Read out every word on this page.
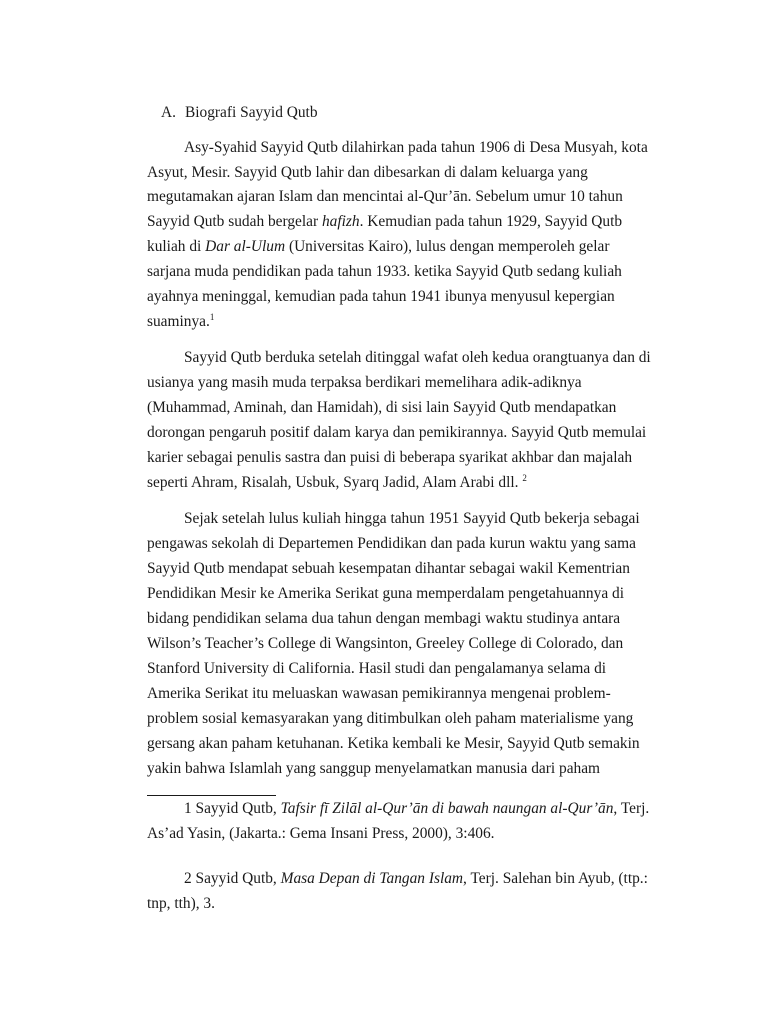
A. Biografi Sayyid Qutb
Asy-Syahid Sayyid Qutb dilahirkan pada tahun 1906 di Desa Musyah, kota
Asyut, Mesir. Sayyid Qutb lahir dan dibesarkan di dalam keluarga yang
megutamakan ajaran Islam dan mencintai al-Qur’ān. Sebelum umur 10 tahun
Sayyid Qutb sudah bergelar hafizh. Kemudian pada tahun 1929, Sayyid Qutb
kuliah di Dar al-Ulum (Universitas Kairo), lulus dengan memperoleh gelar
sarjana muda pendidikan pada tahun 1933. ketika Sayyid Qutb sedang kuliah
ayahnya meninggal, kemudian pada tahun 1941 ibunya menyusul kepergian
suaminya.$^1$
Sayyid Qutb berduka setelah ditinggal wafat oleh kedua orangtuanya dan di
usianya yang masih muda terpaksa berdikari memelihara adik-adiknya
(Muhammad, Aminah, dan Hamidah), di sisi lain Sayyid Qutb mendapatkan
dorongan pengaruh positif dalam karya dan pemikirannya. Sayyid Qutb memulai
karier sebagai penulis sastra dan puisi di beberapa syarikat akhbar dan majalah
seperti Ahram, Risalah, Usbuk, Syarq Jadid, Alam Arabi dll. $^2$
Sejak setelah lulus kuliah hingga tahun 1951 Sayyid Qutb bekerja sebagai
pengawas sekolah di Departemen Pendidikan dan pada kurun waktu yang sama
Sayyid Qutb mendapat sebuah kesempatan dihantar sebagai wakil Kementrian
Pendidikan Mesir ke Amerika Serikat guna memperdalam pengetahuannya di
bidang pendidikan selama dua tahun dengan membagi waktu studinya antara
Wilson’s Teacher’s College di Wangsinton, Greeley College di Colorado, dan
Stanford University di California. Hasil studi dan pengalamanya selama di
Amerika Serikat itu meluaskan wawasan pemikirannya mengenai problem-
problem sosial kemasyarakan yang ditimbulkan oleh paham materialisme yang
gersang akan paham ketuhanan. Ketika kembali ke Mesir, Sayyid Qutb semakin
yakin bahwa Islamlah yang sanggup menyelamatkan manusia dari paham
1 Sayyid Qutb, Tafsir fī Zilāl al-Qur’ān di bawah naungan al-Qur’ān, Terj.
As’ad Yasin, (Jakarta.: Gema Insani Press, 2000), 3:406.
2 Sayyid Qutb, Masa Depan di Tangan Islam, Terj. Salehan bin Ayub, (ttp.:
tnp, tth), 3.
